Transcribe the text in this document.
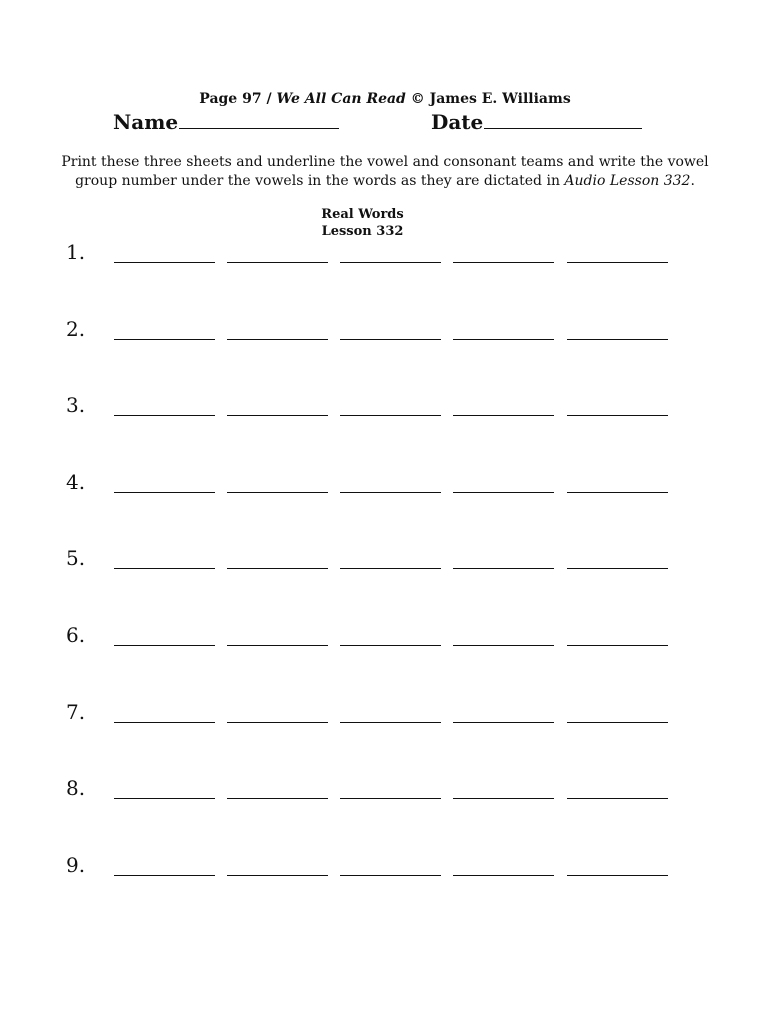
Page 97 / We All Can Read © James E. Williams
Name	Date
Print these three sheets and underline the vowel and consonant teams and write the vowel
group number under the vowels in the words as they are dictated in Audio Lesson 332.
Real Words
Lesson 332
1.
2.
3.
4.
5.
6.
7.
8.
9.
